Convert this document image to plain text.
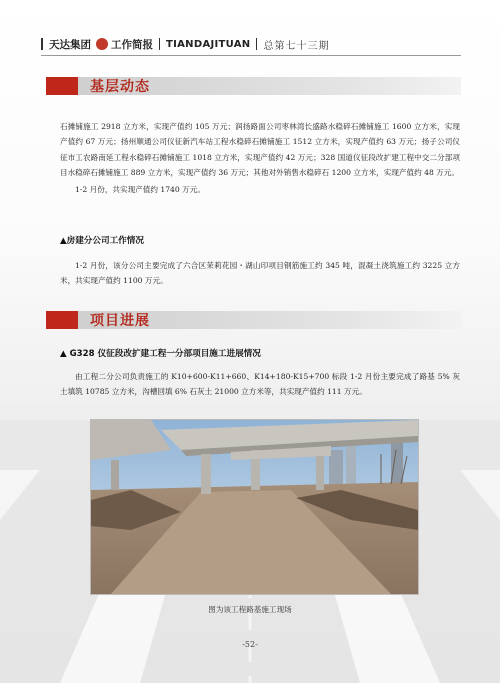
天达集团 工作简报 TIANDAJITUAN 总第七十三期
基层动态

石摊铺施工 2918 立方米，实现产值约 105 万元；润扬路面公司枣林湾长盛路水稳碎石摊铺施工 1600 立方米，实现产值约 67 万元；扬州顺通公司仪征新汽车站工程水稳碎石摊铺施工 1512 立方米，实现产值约 63 万元；扬子公司仪征市工农路南延工程水稳碎石摊铺施工 1018 立方米，实现产值约 42 万元；328 国道仪征段改扩建工程中交二分部项目水稳碎石摊铺施工 889 立方米，实现产值约 36 万元；其他对外销售水稳碎石 1200 立方米，实现产值约 48 万元。

1-2 月份，共实现产值约 1740 万元。

▲房建分公司工作情况

1-2 月份，该分公司主要完成了六合区茉莉花园・湖山印项目钢筋施工约 345 吨，混凝土浇筑施工约 3225 立方米，共实现产值约 1100 万元。

项目进展
▲ G328 仪征段改扩建工程一分部项目施工进展情况

由工程二分公司负责施工的 K10+600-K11+660、K14+180-K15+700 标段 1-2 月份主要完成了路基 5% 灰土填筑 10785 立方米，沟槽回填 6% 石灰土 21000 立方米等，共实现产值约 111 万元。

图为该工程路基施工现场
-52-
